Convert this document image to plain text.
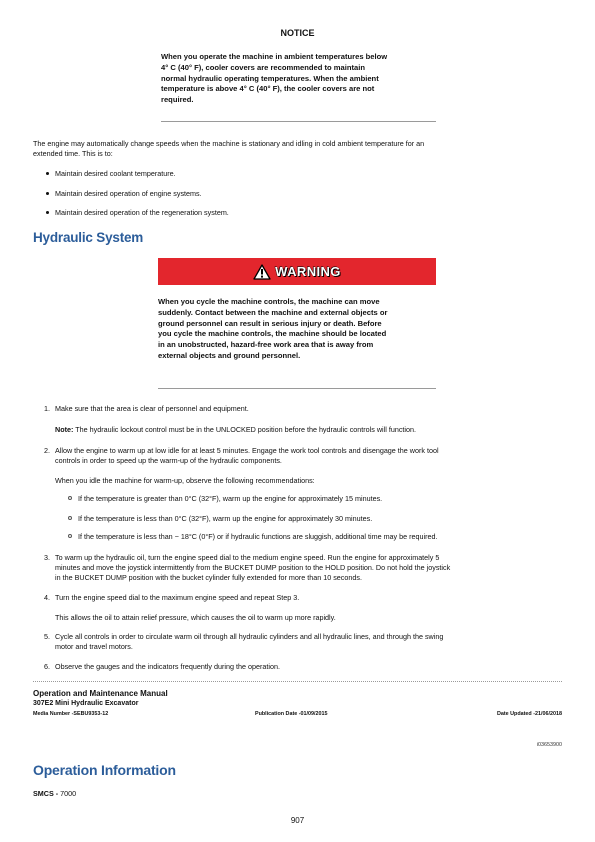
NOTICE
When you operate the machine in ambient temperatures below
4° C (40° F), cooler covers are recommended to maintain
normal hydraulic operating temperatures. When the ambient
temperature is above 4° C (40° F), the cooler covers are not
required.
The engine may automatically change speeds when the machine is stationary and idling in cold ambient temperature for an
extended time. This is to:
Maintain desired coolant temperature.
Maintain desired operation of engine systems.
Maintain desired operation of the regeneration system.
Hydraulic System
WARNING
When you cycle the machine controls, the machine can move
suddenly. Contact between the machine and external objects or
ground personnel can result in serious injury or death. Before
you cycle the machine controls, the machine should be located
in an unobstructed, hazard-free work area that is away from
external objects and ground personnel.
1. Make sure that the area is clear of personnel and equipment.
Note: The hydraulic lockout control must be in the UNLOCKED position before the hydraulic controls will function.
2. Allow the engine to warm up at low idle for at least 5 minutes. Engage the work tool controls and disengage the work tool
controls in order to speed up the warm-up of the hydraulic components.
When you idle the machine for warm-up, observe the following recommendations:
If the temperature is greater than 0°C (32°F), warm up the engine for approximately 15 minutes.
If the temperature is less than 0°C (32°F), warm up the engine for approximately 30 minutes.
If the temperature is less than − 18°C (0°F) or if hydraulic functions are sluggish, additional time may be required.
3. To warm up the hydraulic oil, turn the engine speed dial to the medium engine speed. Run the engine for approximately 5
minutes and move the joystick intermittently from the BUCKET DUMP position to the HOLD position. Do not hold the joystick
in the BUCKET DUMP position with the bucket cylinder fully extended for more than 10 seconds.
4. Turn the engine speed dial to the maximum engine speed and repeat Step 3.
This allows the oil to attain relief pressure, which causes the oil to warm up more rapidly.
5. Cycle all controls in order to circulate warm oil through all hydraulic cylinders and all hydraulic lines, and through the swing
motor and travel motors.
6. Observe the gauges and the indicators frequently during the operation.
Operation and Maintenance Manual
307E2 Mini Hydraulic Excavator
Media Number -SEBU9353-12	Publication Date -01/09/2015	Date Updated -21/06/2018
i03653900
Operation Information
SMCS - 7000
907
